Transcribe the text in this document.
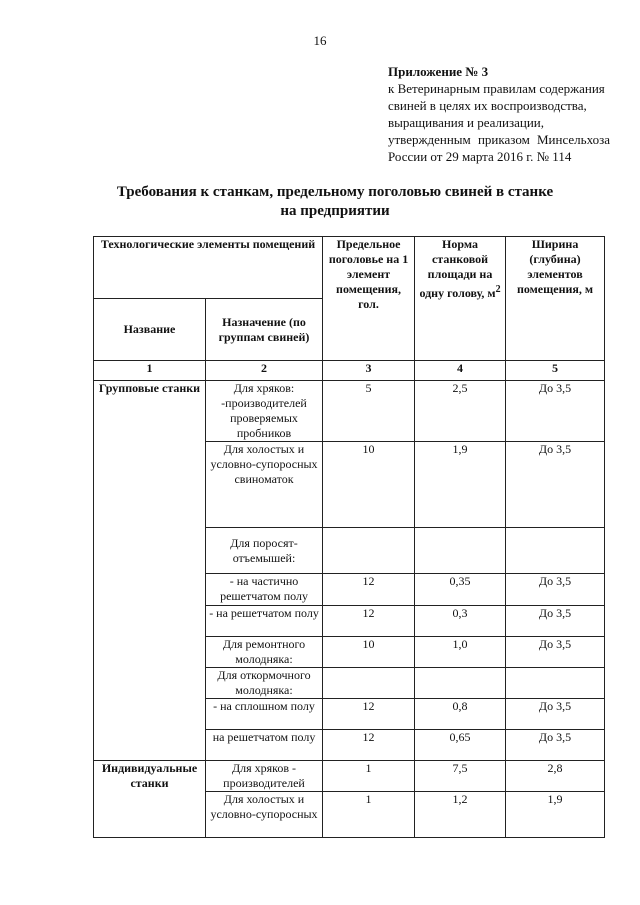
16
Приложение № 3
к Ветеринарным правилам содержания
свиней в целях их воспроизводства,
выращивания и реализации,
утвержденным приказом Минсельхоза
России от 29 марта 2016 г. № 114
Требования к станкам, предельному поголовью свиней в станке
на предприятии
Технологические элементы помещений		Предельное поголовье на 1 элемент помещения, гол.	Норма станковой площади на одну голову, $м^2$	Ширина (глубина) элементов помещения, м
Название	Назначение (по группам свиней)			
1	2	3	4	5
Групповые станки	Для хряков: -производителей проверяемых пробников	5	2,5	До 3,5
	Для холостых и условно-супоросных свиноматок	10	1,9	До 3,5
	Для поросят-отъемышей:			
	- на частично решетчатом полу	12	0,35	До 3,5
	- на решетчатом полу	12	0,3	До 3,5
	Для ремонтного молодняка:	10	1,0	До 3,5
	Для откормочного молодняка:			
	- на сплошном полу	12	0,8	До 3,5
	на решетчатом полу	12	0,65	До 3,5
Индивидуальные станки	Для хряков - производителей	1	7,5	2,8
	Для холостых и условно-супоросных	1	1,2	1,9
